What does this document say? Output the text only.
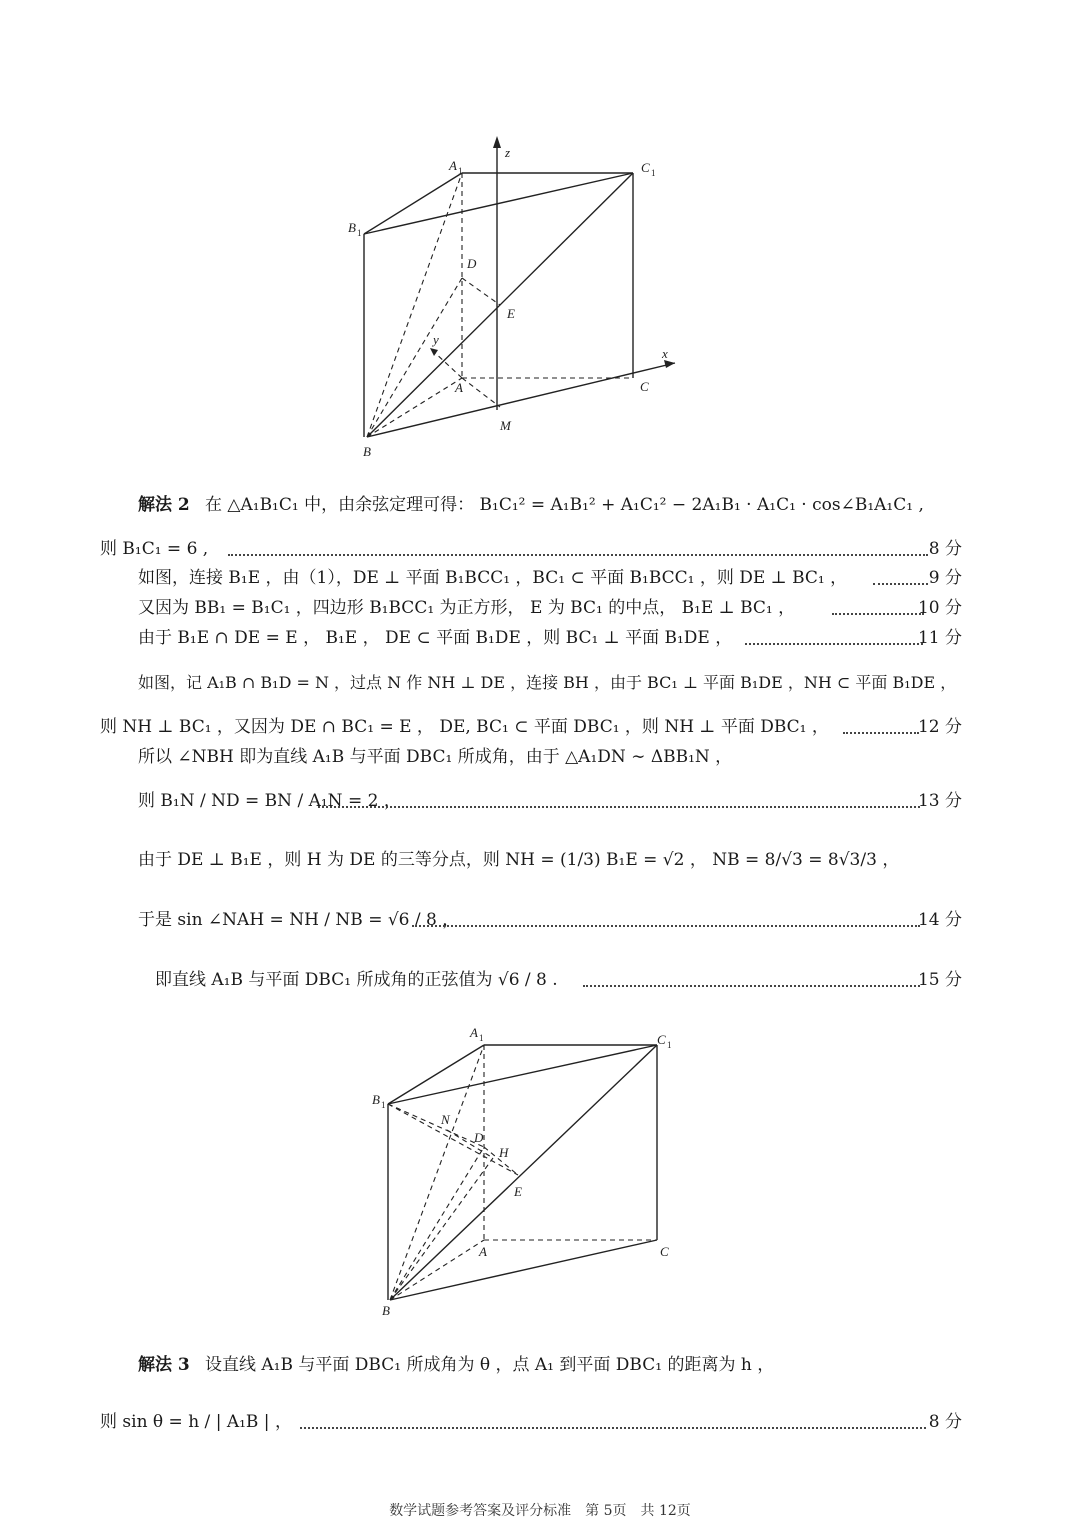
A 1	C 1
B 1
D
E
A	C
B
M
x
y
z
解法 2 在 △A₁B₁C₁ 中，由余弦定理可得： B₁C₁² = A₁B₁² + A₁C₁² − 2A₁B₁ · A₁C₁ · cos∠B₁A₁C₁ ,
则 B₁C₁ = 6 ,	8 分
如图，连接 B₁E ，由（1），DE ⊥ 平面 B₁BCC₁ ，BC₁ ⊂ 平面 B₁BCC₁ ，则 DE ⊥ BC₁ ，	9 分
又因为 BB₁ = B₁C₁ ，四边形 B₁BCC₁ 为正方形， E 为 BC₁ 的中点， B₁E ⊥ BC₁ ，	10 分
由于 B₁E ∩ DE = E ， B₁E ， DE ⊂ 平面 B₁DE ，则 BC₁ ⊥ 平面 B₁DE ，	11 分
如图，记 A₁B ∩ B₁D = N ，过点 N 作 NH ⊥ DE ，连接 BH ，由于 BC₁ ⊥ 平面 B₁DE ，NH ⊂ 平面 B₁DE ，
则 NH ⊥ BC₁ ，又因为 DE ∩ BC₁ = E ， DE, BC₁ ⊂ 平面 DBC₁ ，则 NH ⊥ 平面 DBC₁ ，	12 分
所以 ∠NBH 即为直线 A₁B 与平面 DBC₁ 所成角，由于 △A₁DN ∼ ΔBB₁N ，
则 B₁N / ND = BN / A₁N = 2 ，	13 分
由于 DE ⊥ B₁E ，则 H 为 DE 的三等分点，则 NH = (1/3) B₁E = √2 ， NB = 8/√3 = 8√3/3 ，
于是 sin ∠NAH = NH / NB = √6 / 8 ，	14 分
即直线 A₁B 与平面 DBC₁ 所成角的正弦值为 √6 / 8 .	15 分
A 1	C 1
B 1
N
D
H
E
A	C
B
解法 3 设直线 A₁B 与平面 DBC₁ 所成角为 θ ，点 A₁ 到平面 DBC₁ 的距离为 h ，
则 sin θ = h / | A₁B | ，	8 分
数学试题参考答案及评分标准　第 5页　共 12页
